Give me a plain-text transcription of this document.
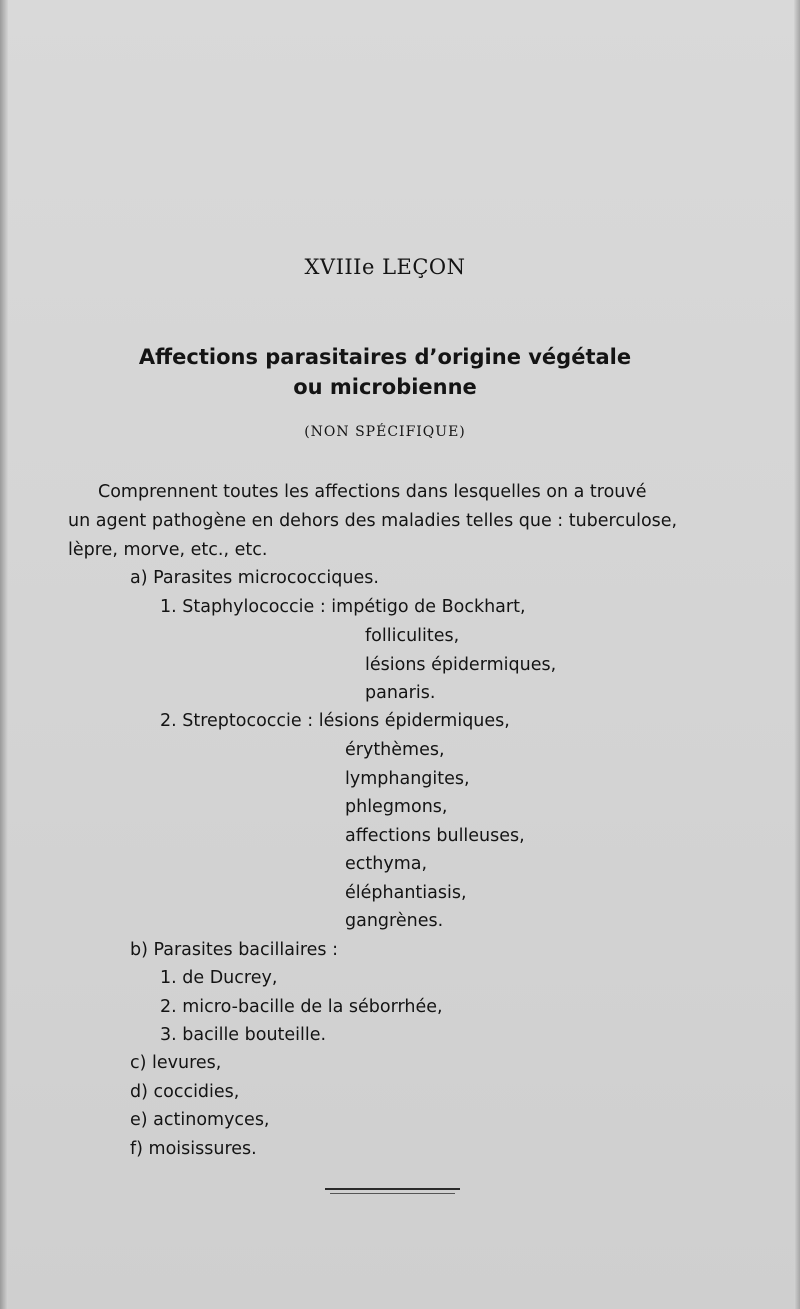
XVIIIe LEÇON
Affections parasitaires d’origine végétale
ou microbienne
(NON SPÉCIFIQUE)
Comprennent toutes les affections dans lesquelles on a trouvé
un agent pathogène en dehors des maladies telles que : tuberculose,
lèpre, morve, etc., etc.
a) Parasites micrococciques.
1. Staphylococcie : impétigo de Bockhart,
folliculites,
lésions épidermiques,
panaris.
2. Streptococcie : lésions épidermiques,
érythèmes,
lymphangites,
phlegmons,
affections bulleuses,
ecthyma,
éléphantiasis,
gangrènes.
b) Parasites bacillaires :
1. de Ducrey,
2. micro-bacille de la séborrhée,
3. bacille bouteille.
c) levures,
d) coccidies,
e) actinomyces,
f) moisissures.
